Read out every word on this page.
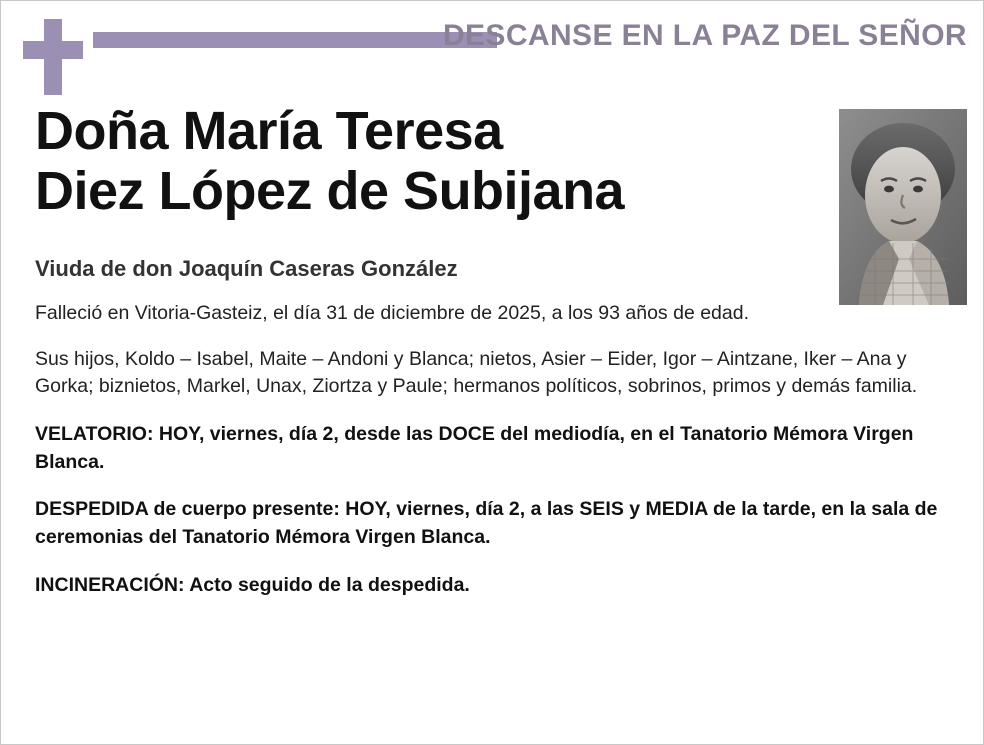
DESCANSE EN LA PAZ DEL SEÑOR
Doña María Teresa
Diez López de Subijana
Viuda de don Joaquín Caseras González
Falleció en Vitoria-Gasteiz, el día 31 de diciembre de 2025, a los 93 años de edad.
Sus hijos, Koldo – Isabel, Maite – Andoni y Blanca; nietos, Asier – Eider, Igor – Aintzane, Iker – Ana y Gorka; biznietos, Markel, Unax, Ziortza y Paule; hermanos políticos, sobrinos, primos y demás familia.
VELATORIO: HOY, viernes, día 2, desde las DOCE del mediodía, en el Tanatorio Mémora Virgen Blanca.
DESPEDIDA de cuerpo presente: HOY, viernes, día 2, a las SEIS y MEDIA de la tarde, en la sala de ceremonias del Tanatorio Mémora Virgen Blanca.
INCINERACIÓN: Acto seguido de la despedida.
